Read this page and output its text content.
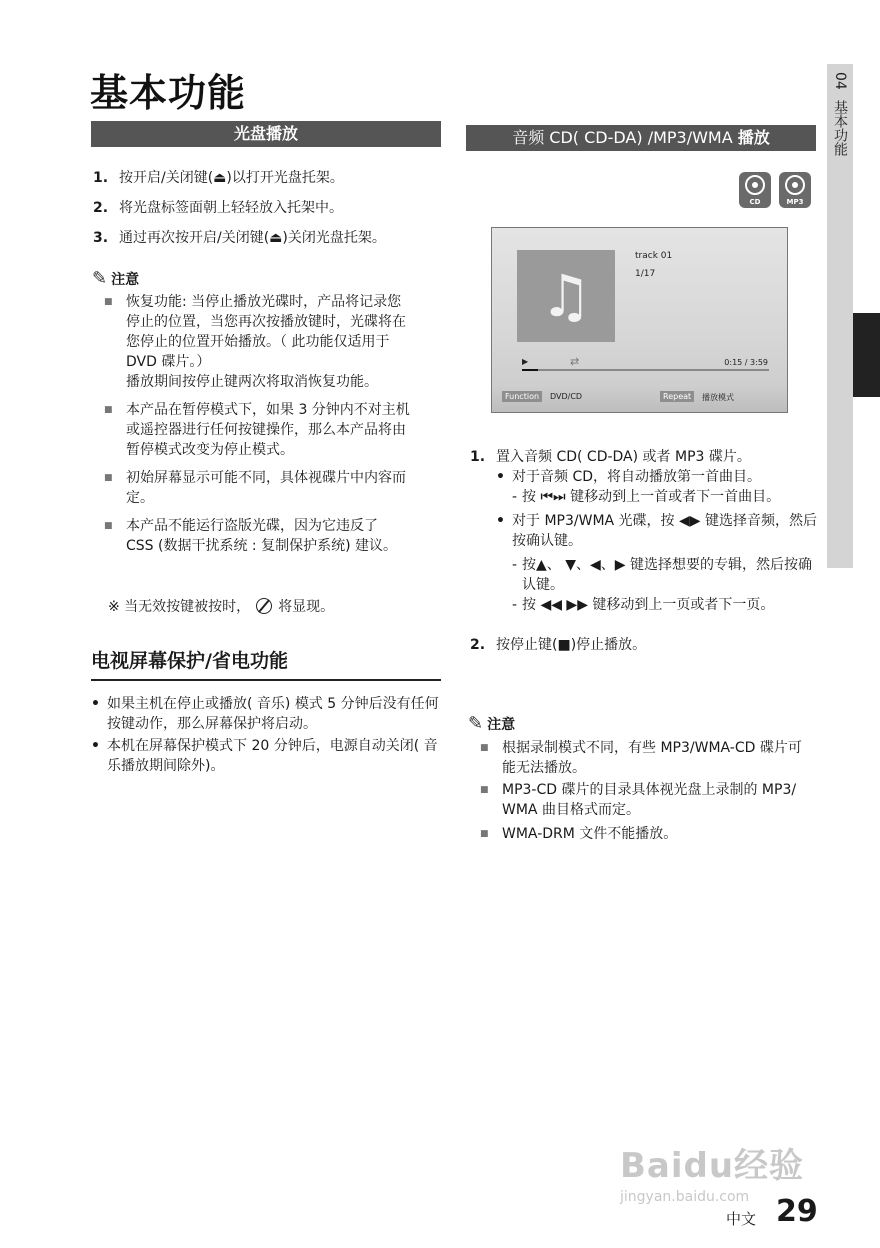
基本功能
光盘播放
1. 按开启/关闭键(⏏)以打开光盘托架。
2. 将光盘标签面朝上轻轻放入托架中。
3. 通过再次按开启/关闭键(⏏)关闭光盘托架。
✎ 注意
■ 恢复功能: 当停止播放光碟时，产品将记录您
停止的位置，当您再次按播放键时，光碟将在
您停止的位置开始播放。（ 此功能仅适用于
DVD 碟片。）
播放期间按停止键两次将取消恢复功能。
■ 本产品在暂停模式下，如果 3 分钟内不对主机
或遥控器进行任何按键操作，那么本产品将由
暂停模式改变为停止模式。
■ 初始屏幕显示可能不同，具体视碟片中内容而
定。
■ 本产品不能运行盗版光碟，因为它违反了
CSS (数据干扰系统 : 复制保护系统) 建议。
※ 当无效按键被按时， 将显现。
电视屏幕保护/省电功能
• 如果主机在停止或播放( 音乐) 模式 5 分钟后没有任何按键动作，那么屏幕保护将启动。
• 本机在屏幕保护模式下 20 分钟后，电源自动关闭( 音乐播放期间除外)。
音频 CD( CD-DA) /MP3/WMA 播放
CD	MP3
♫
track 01
1/17
▶	⇄	0:15 / 3:59
Function	DVD/CD	Repeat	播放模式
1. 置入音频 CD( CD-DA) 或者 MP3 碟片。
• 对于音频 CD，将自动播放第一首曲目。
- 按 ⏮⏭ 键移动到上一首或者下一首曲目。
• 对于 MP3/WMA 光碟，按 ◀▶ 键选择音频，然后按确认键。
- 按▲、 ▼、◀、▶ 键选择想要的专辑，然后按确认键。
- 按 ◀◀ ▶▶ 键移动到上一页或者下一页。
2. 按停止键(■)停止播放。
✎ 注意
■ 根据录制模式不同，有些 MP3/WMA-CD 碟片可
能无法播放。
■ MP3-CD 碟片的目录具体视光盘上录制的 MP3/
WMA 曲目格式而定。
■ WMA-DRM 文件不能播放。
04
基本功能
Baidu经验
jingyan.baidu.com
中文 29
